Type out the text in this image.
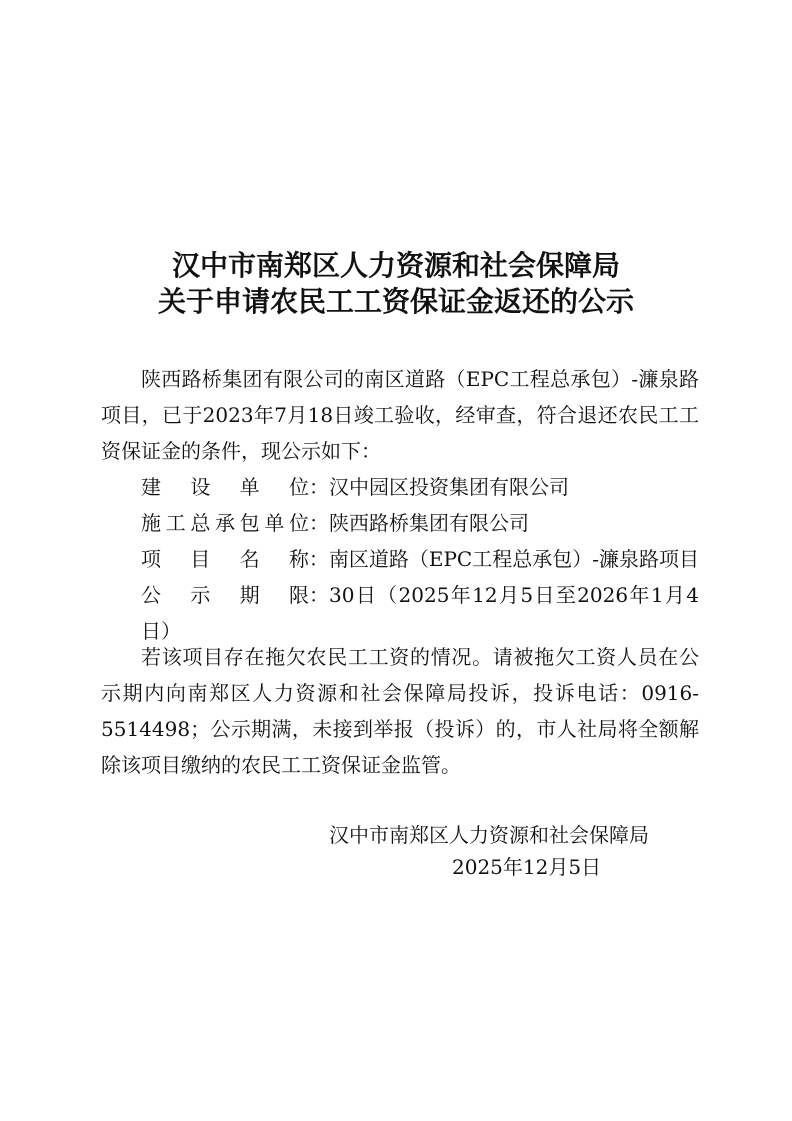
汉中市南郑区人力资源和社会保障局
关于申请农民工工资保证金返还的公示

陕西路桥集团有限公司的南区道路（EPC工程总承包）-濂泉路项目，已于2023年7月18日竣工验收，经审查，符合退还农民工工资保证金的条件，现公示如下：

建设单位 ： 汉中园区投资集团有限公司

施工总承包单位 ： 陕西路桥集团有限公司

项目名称 ： 南区道路（EPC工程总承包）-濂泉路项目

公示期限：30日（2025年12月5日至2026年1月4日）

若该项目存在拖欠农民工工资的情况。请被拖欠工资人员在公示期内向南郑区人力资源和社会保障局投诉，投诉电话：0916-5514498；公示期满，未接到举报（投诉）的，市人社局将全额解除该项目缴纳的农民工工资保证金监管。

汉中市南郑区人力资源和社会保障局
2025年12月5日
